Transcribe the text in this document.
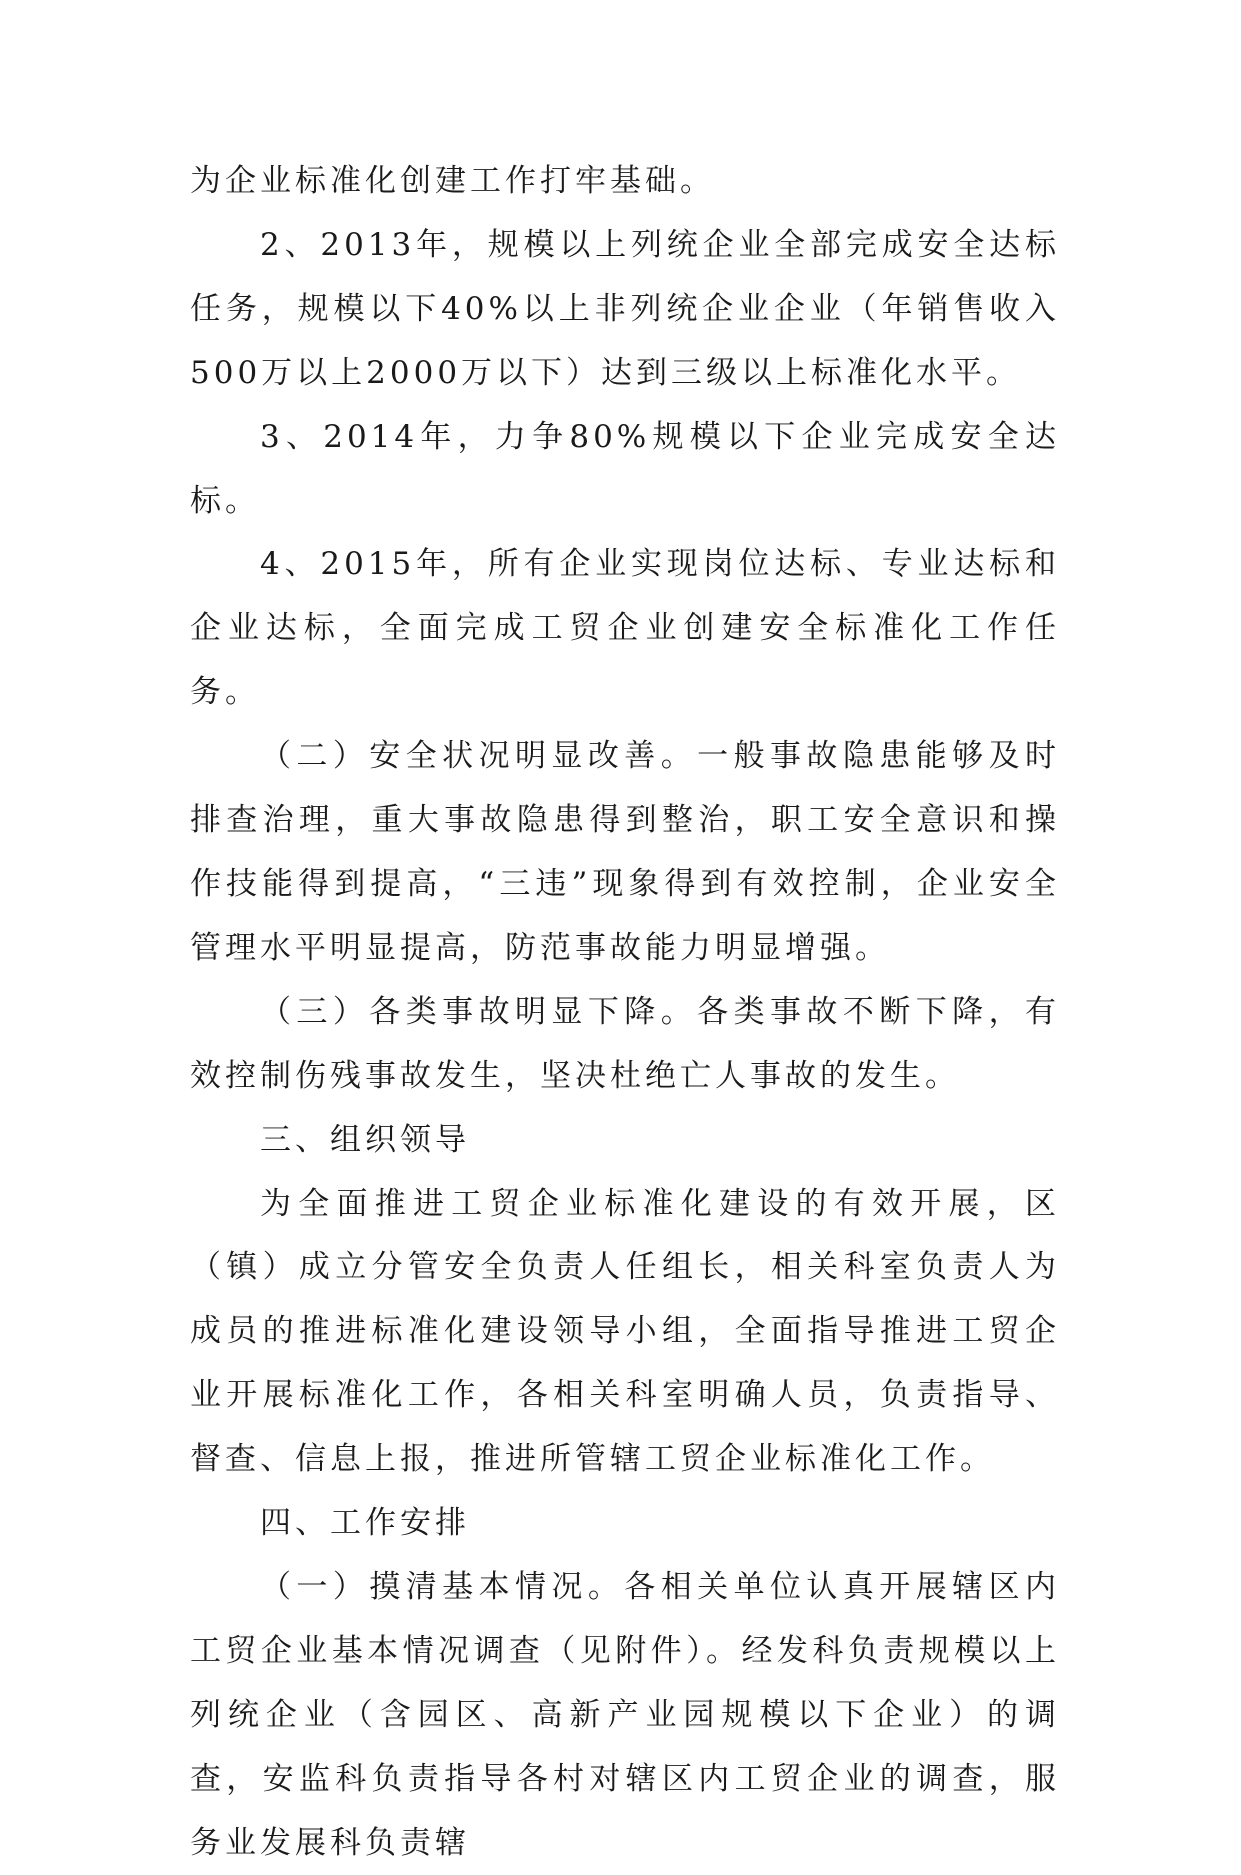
为企业标准化创建工作打牢基础。

2、2013年，规模以上列统企业全部完成安全达标任务，规模以下40%以上非列统企业企业（年销售收入500万以上2000万以下）达到三级以上标准化水平。

3、2014年，力争80%规模以下企业完成安全达标。

4、2015年，所有企业实现岗位达标、专业达标和企业达标，全面完成工贸企业创建安全标准化工作任务。

（二）安全状况明显改善。一般事故隐患能够及时排查治理，重大事故隐患得到整治，职工安全意识和操作技能得到提高，“三违”现象得到有效控制，企业安全管理水平明显提高，防范事故能力明显增强。

（三）各类事故明显下降。各类事故不断下降，有效控制伤残事故发生，坚决杜绝亡人事故的发生。

三、组织领导

为全面推进工贸企业标准化建设的有效开展，区（镇）成立分管安全负责人任组长，相关科室负责人为成员的推进标准化建设领导小组，全面指导推进工贸企业开展标准化工作，各相关科室明确人员，负责指导、督查、信息上报，推进所管辖工贸企业标准化工作。

四、工作安排

（一）摸清基本情况。各相关单位认真开展辖区内工贸企业基本情况调查（见附件）。经发科负责规模以上列统企业（含园区、高新产业园规模以下企业）的调查，安监科负责指导各村对辖区内工贸企业的调查，服务业发展科负责辖
